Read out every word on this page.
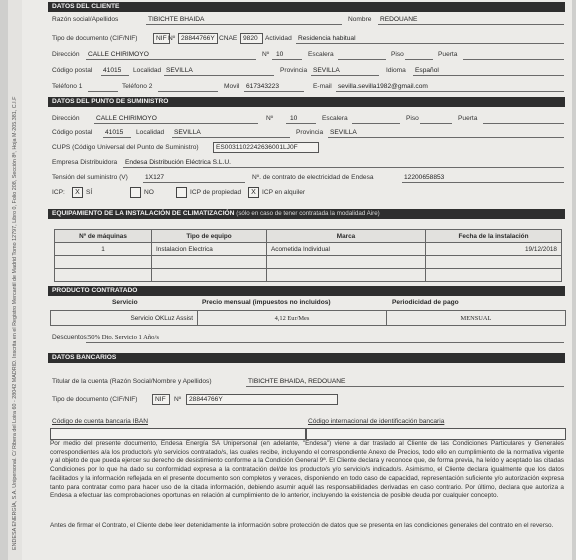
ENDESA ENERGÍA, S.A. Unipersonal. C/ Ribera del Loira 60 - 28042 MADRID. Inscrita en el Registro Mercantil de Madrid Tomo 12797, Libro 0, Folio 208, Sección 8ª, Hoja M-205.381, C.I.F
DATOS DEL CLIENTE
Razón social/Apellidos	TIBICHTE BHAIDA	Nombre REDOUANE
Tipo de documento (CIF/NIF)	NIF Nº 28844766Y CNAE 9820	Actividad Residencia habitual
Dirección CALLE CHIRIMOYO	Nº 10	Escalera	Piso	Puerta
Código postal 41015 Localidad SEVILLA	Provincia SEVILLA	Idioma Español
Teléfono 1	Teléfono 2	Movil 617343223	E-mail sevilla.sevilla1982@gmail.com
DATOS DEL PUNTO DE SUMINISTRO
Dirección	CALLE CHIRIMOYO	Nº	10	Escalera	Piso	Puerta
Código postal 41015 Localidad SEVILLA	Provincia SEVILLA
CUPS (Código Universal del Punto de Suministro)	ES0031102242636001LJ0F
Empresa Distribuidora Endesa Distribución Eléctrica S.L.U.
Tensión del suministro (V)	1X127	Nº. de contrato de electricidad de Endesa	12200658853
ICP:	X SÍ	NO	ICP de propiedad	X ICP en alquiler
EQUIPAMIENTO DE LA INSTALACIÓN DE CLIMATIZACIÓN (sólo en caso de tener contratada la modalidad Aire)
Nº de máquinas	Tipo de equipo	Marca	Fecha de la instalación
1	Instalacion Electrica	Acometida Individual	19/12/2018

PRODUCTO CONTRATADO
Servicio	Precio mensual (impuestos no incluidos)	Periodicidad de pago
Servicio OKLuz Assist	4,12 Eur/Mes	MENSUAL
Descuentos: 50% Dto. Servicio 1 Año/s
DATOS BANCARIOS
Titular de la cuenta (Razón Social/Nombre y Apellidos)	TIBICHTE BHAIDA, REDOUANE
Tipo de documento (CIF/NIF)	NIF	Nº	28844766Y
Código de cuenta bancaria IBAN	Código internacional de identificación bancaria
Por medio del presente documento, Endesa Energía SA Unipersonal (en adelante, "Endesa") viene a dar traslado al Cliente de las Condiciones Particulares y Generales correspondientes a/a los producto/s y/o servicios contratado/s, las cuales recibe, incluyendo el correspondiente Anexo de Precios, todo ello en cumplimiento de la normativa vigente y al objeto de que pueda ejercer su derecho de desistimiento conforme a la Condición General 9ª. El Cliente declara y reconoce que, de forma previa, ha leído y aceptado las citadas Condiciones por lo que ha dado su conformidad expresa a la contratación del/de los producto/s y/o servicio/s indicado/s. Asimismo, el Cliente declara igualmente que los datos facilitados y la información reflejada en el presente documento son completos y veraces, disponiendo en todo caso de capacidad, representación suficiente y/o autorización expresa tanto para contratar como para hacer uso de la citada información, debiendo asumir aquél las responsabilidades derivadas en caso contrario. Por último, declara que autoriza a Endesa a efectuar las comprobaciones oportunas en relación al cumplimiento de lo anterior, incluyendo la existencia de posible deuda por cualquier concepto.
Antes de firmar el Contrato, el Cliente debe leer detenidamente la información sobre protección de datos que se presenta en las condiciones generales del contrato en el reverso.
